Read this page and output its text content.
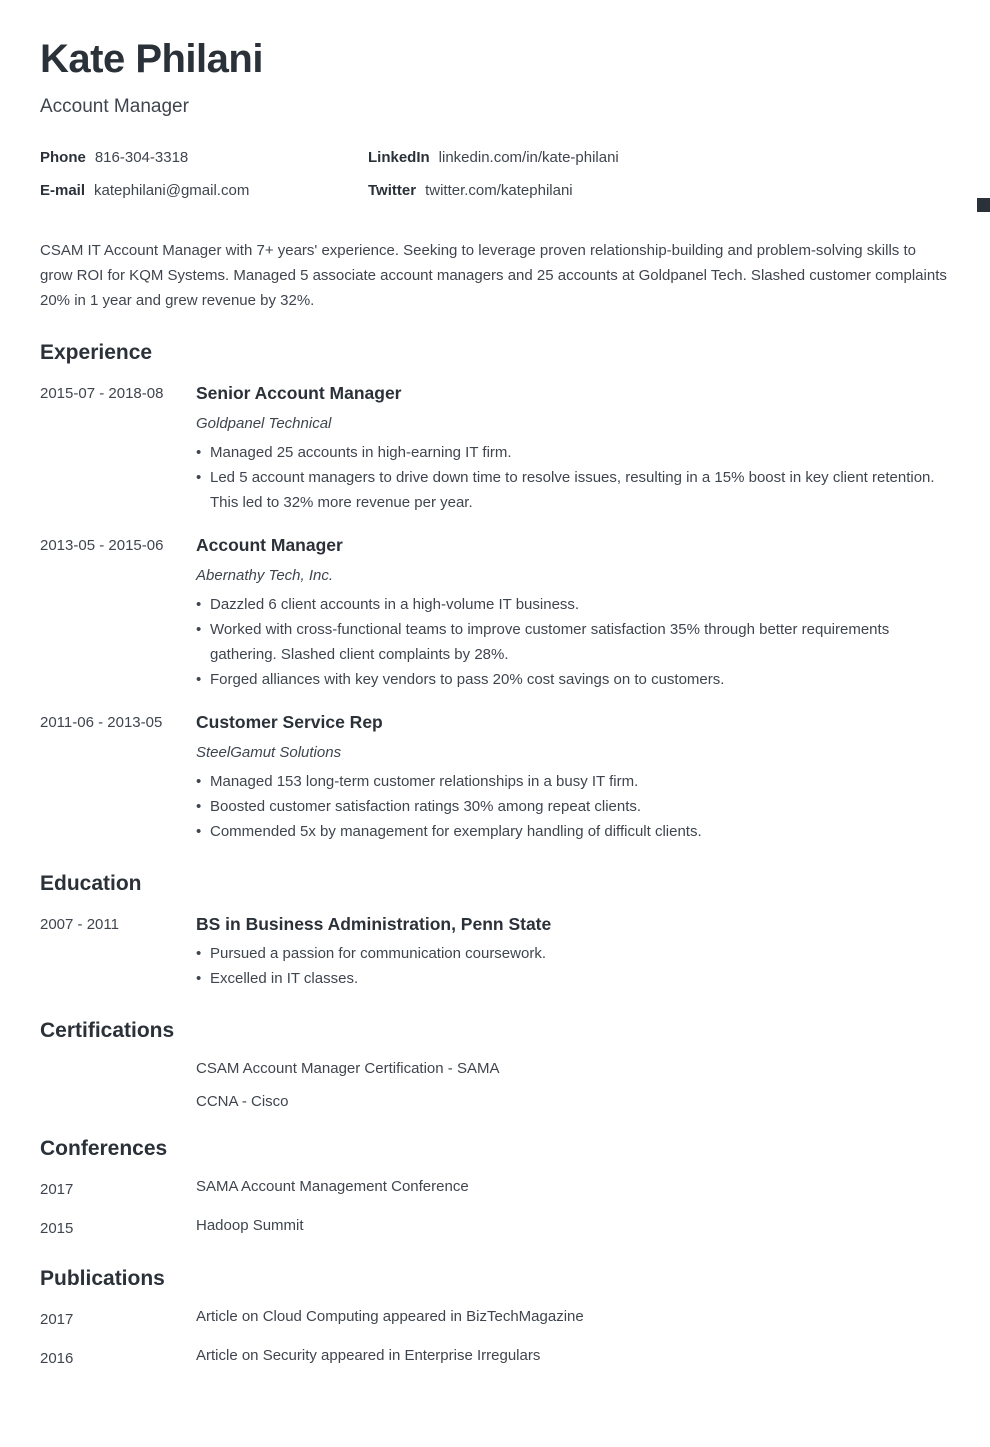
Kate Philani
Account Manager
Phone 816-304-3318	LinkedIn linkedin.com/in/kate-philani
E-mail katephilani@gmail.com	Twitter twitter.com/katephilani

CSAM IT Account Manager with 7+ years' experience. Seeking to leverage proven relationship-building and problem-solving skills to grow ROI for KQM Systems. Managed 5 associate account managers and 25 accounts at Goldpanel Tech. Slashed customer complaints 20% in 1 year and grew revenue by 32%.

Experience
2015-07 - 2018-08	Senior Account Manager
Goldpanel Technical
• Managed 25 accounts in high-earning IT firm.
• Led 5 account managers to drive down time to resolve issues, resulting in a 15% boost in key client retention. This led to 32% more revenue per year.
2013-05 - 2015-06	Account Manager
Abernathy Tech, Inc.
• Dazzled 6 client accounts in a high-volume IT business.
• Worked with cross-functional teams to improve customer satisfaction 35% through better requirements gathering. Slashed client complaints by 28%.
• Forged alliances with key vendors to pass 20% cost savings on to customers.
2011-06 - 2013-05	Customer Service Rep
SteelGamut Solutions
• Managed 153 long-term customer relationships in a busy IT firm.
• Boosted customer satisfaction ratings 30% among repeat clients.
• Commended 5x by management for exemplary handling of difficult clients.
Education
2007 - 2011	BS in Business Administration, Penn State
• Pursued a passion for communication coursework.
• Excelled in IT classes.
Certifications
CSAM Account Manager Certification - SAMA
CCNA - Cisco
Conferences
2017	SAMA Account Management Conference
2015	Hadoop Summit
Publications
2017	Article on Cloud Computing appeared in BizTechMagazine
2016	Article on Security appeared in Enterprise Irregulars
